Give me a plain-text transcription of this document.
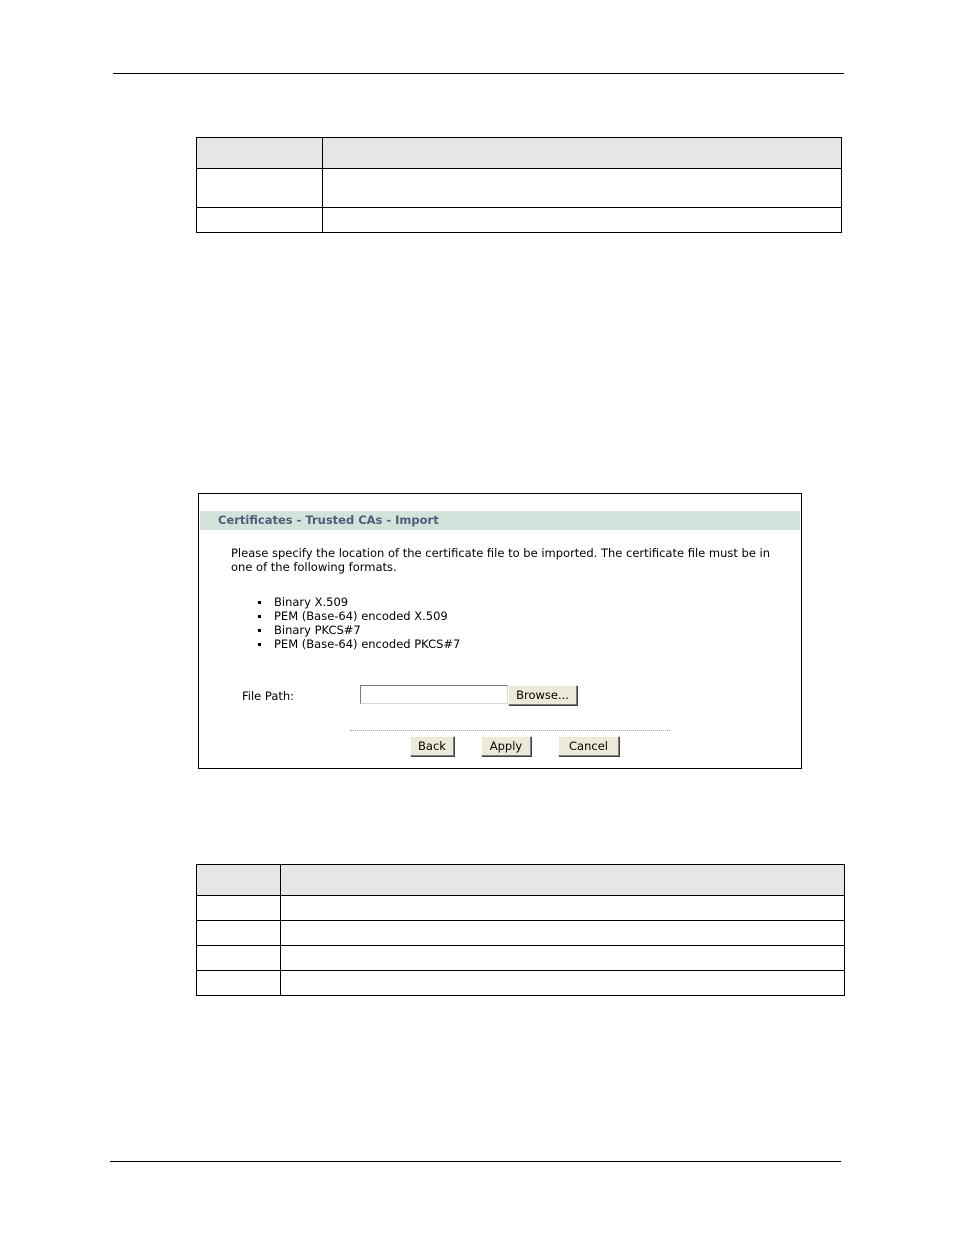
Certificates - Trusted CAs - Import

Please specify the location of the certificate file to be imported. The certificate file must be in one of the following formats.

Binary X.509
PEM (Base-64) encoded X.509
Binary PKCS#7
PEM (Base-64) encoded PKCS#7
File Path:	Browse...
Back	Apply	Cancel
